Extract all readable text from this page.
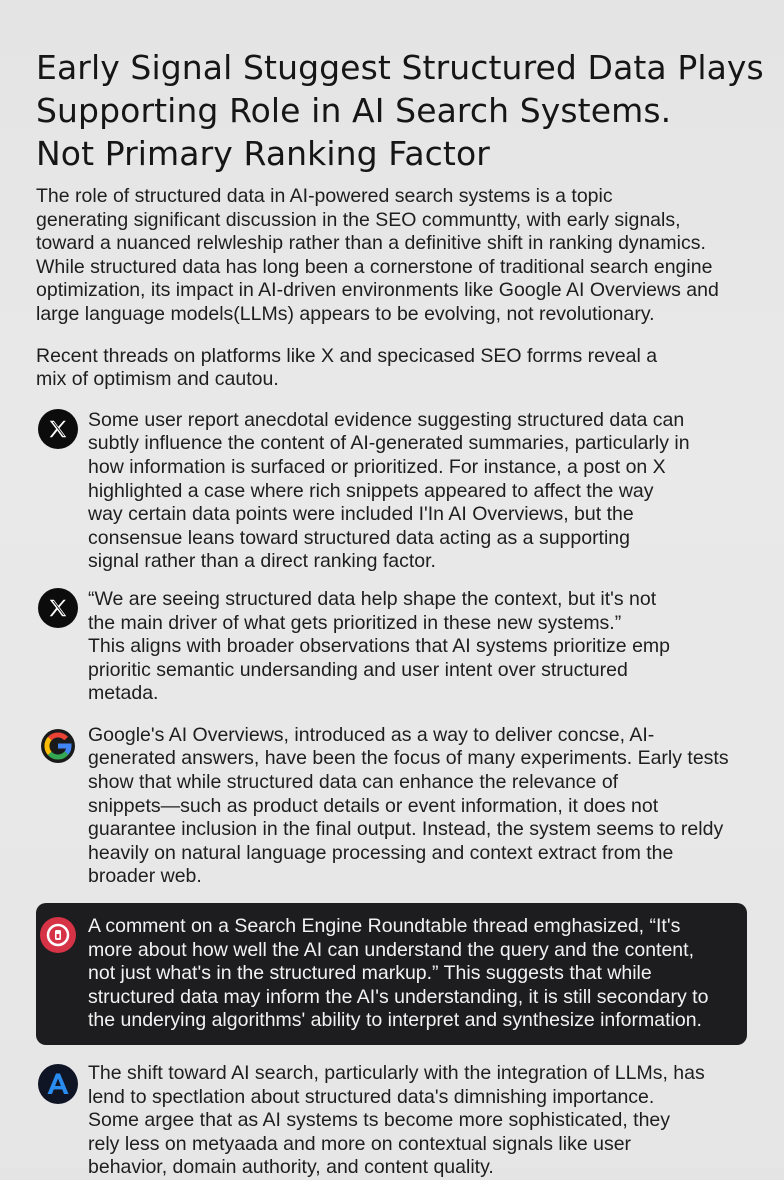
Early Signal Stuggest Structured Data Plays
Supporting Role in AI Search Systems.
Not Primary Ranking Factor
The role of structured data in AI-powered search systems is a topic
generating significant discussion in the SEO communtty, with early signals,
toward a nuanced relwleship rather than a definitive shift in ranking dynamics.
While structured data has long been a cornerstone of traditional search engine
optimization, its impact in AI-driven environments like Google AI Overviews and
large language models(LLMs) appears to be evolving, not revolutionary.
Recent threads on platforms like X and specicased SEO forrms reveal a
mix of optimism and cautou.
Some user report anecdotal evidence suggesting structured data can
subtly influence the content of AI-generated summaries, particularly in
how information is surfaced or prioritized. For instance, a post on X
highlighted a case where rich snippets appeared to affect the way
way certain data points were included I'In AI Overviews, but the
consensue leans toward structured data acting as a supporting
signal rather than a direct ranking factor.
“We are seeing structured data help shape the context, but it's not
the main driver of what gets prioritized in these new systems.”
This aligns with broader observations that AI systems prioritize emp
prioritic semantic undersanding and user intent over structured
metada.
Google's AI Overviews, introduced as a way to deliver concse, AI-
generated answers, have been the focus of many experiments. Early tests
show that while structured data can enhance the relevance of
snippets—such as product details or event information, it does not
guarantee inclusion in the final output. Instead, the system seems to reldy
heavily on natural language processing and context extract from the
broader web.
A comment on a Search Engine Roundtable thread emghasized, “It's
more about how well the AI can understand the query and the content,
not just what's in the structured markup.” This suggests that while
structured data may inform the AI's understanding, it is still secondary to
the underying algorithms' ability to interpret and synthesize information.
The shift toward AI search, particularly with the integration of LLMs, has
lend to spectlation about structured data's dimnishing importance.
Some argee that as AI systems ts become more sophisticated, they
rely less on metyaada and more on contextual signals like user
behavior, domain authority, and content quality.
